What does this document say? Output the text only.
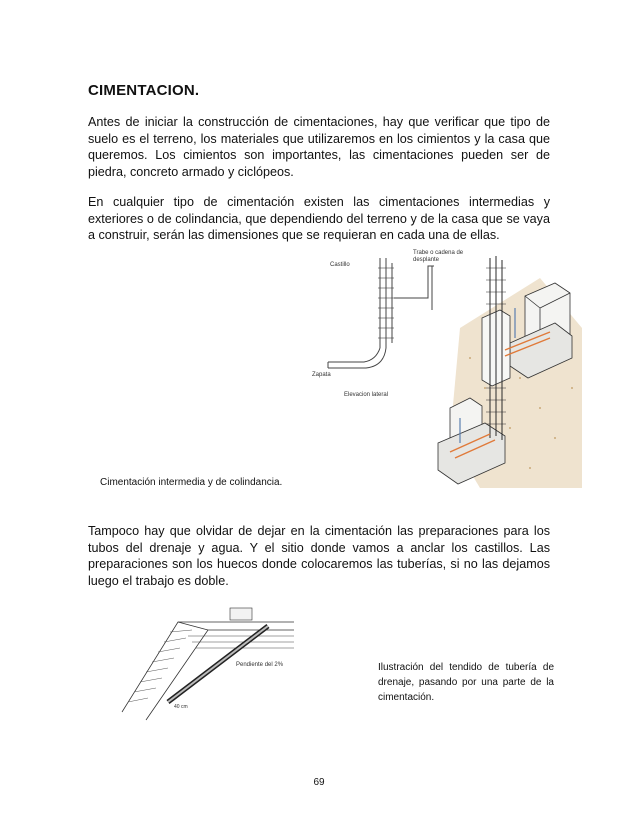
CIMENTACION.

Antes de iniciar la construcción de cimentaciones, hay que verificar que tipo de suelo es el terreno, los materiales que utilizaremos en los cimientos y la casa que queremos. Los cimientos son importantes, las cimentaciones pueden ser de piedra, concreto armado y ciclópeos.

En cualquier tipo de cimentación existen las cimentaciones intermedias y exteriores o de colindancia, que dependiendo del terreno y de la casa que se vaya a construir, serán las dimensiones que se requieran en cada una de ellas.

Castillo
Trabe o cadena de desplante
Zapata
Elevacion lateral
Cimentación intermedia y de colindancia.

Tampoco hay que olvidar de dejar en la cimentación las preparaciones para los tubos del drenaje y agua. Y el sitio donde vamos a anclar los castillos. Las preparaciones son los huecos donde colocaremos las tuberías, si no las dejamos luego el trabajo es doble.

Pendiente del 2%
40 cm
Ilustración del tendido de tubería de drenaje, pasando por una parte de la cimentación.
69
